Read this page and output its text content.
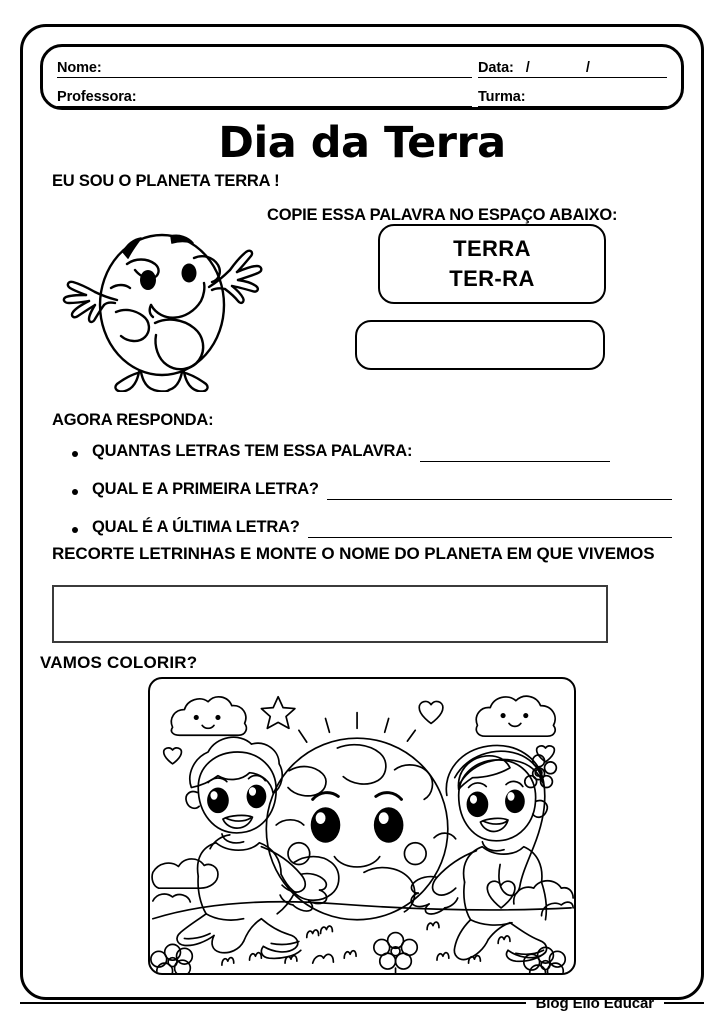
Nome:	Data: / /
Professora:	Turma:
Dia da Terra
EU SOU O PLANETA TERRA !
COPIE ESSA PALAVRA NO ESPAÇO ABAIXO:
TERRA
TER-RA
AGORA RESPONDA:
QUANTAS LETRAS TEM ESSA PALAVRA:
QUAL E A PRIMEIRA LETRA?
QUAL É A ÚLTIMA LETRA?
RECORTE LETRINHAS E MONTE O NOME DO PLANETA EM QUE VIVEMOS
VAMOS COLORIR?
Blog Ello Educar
